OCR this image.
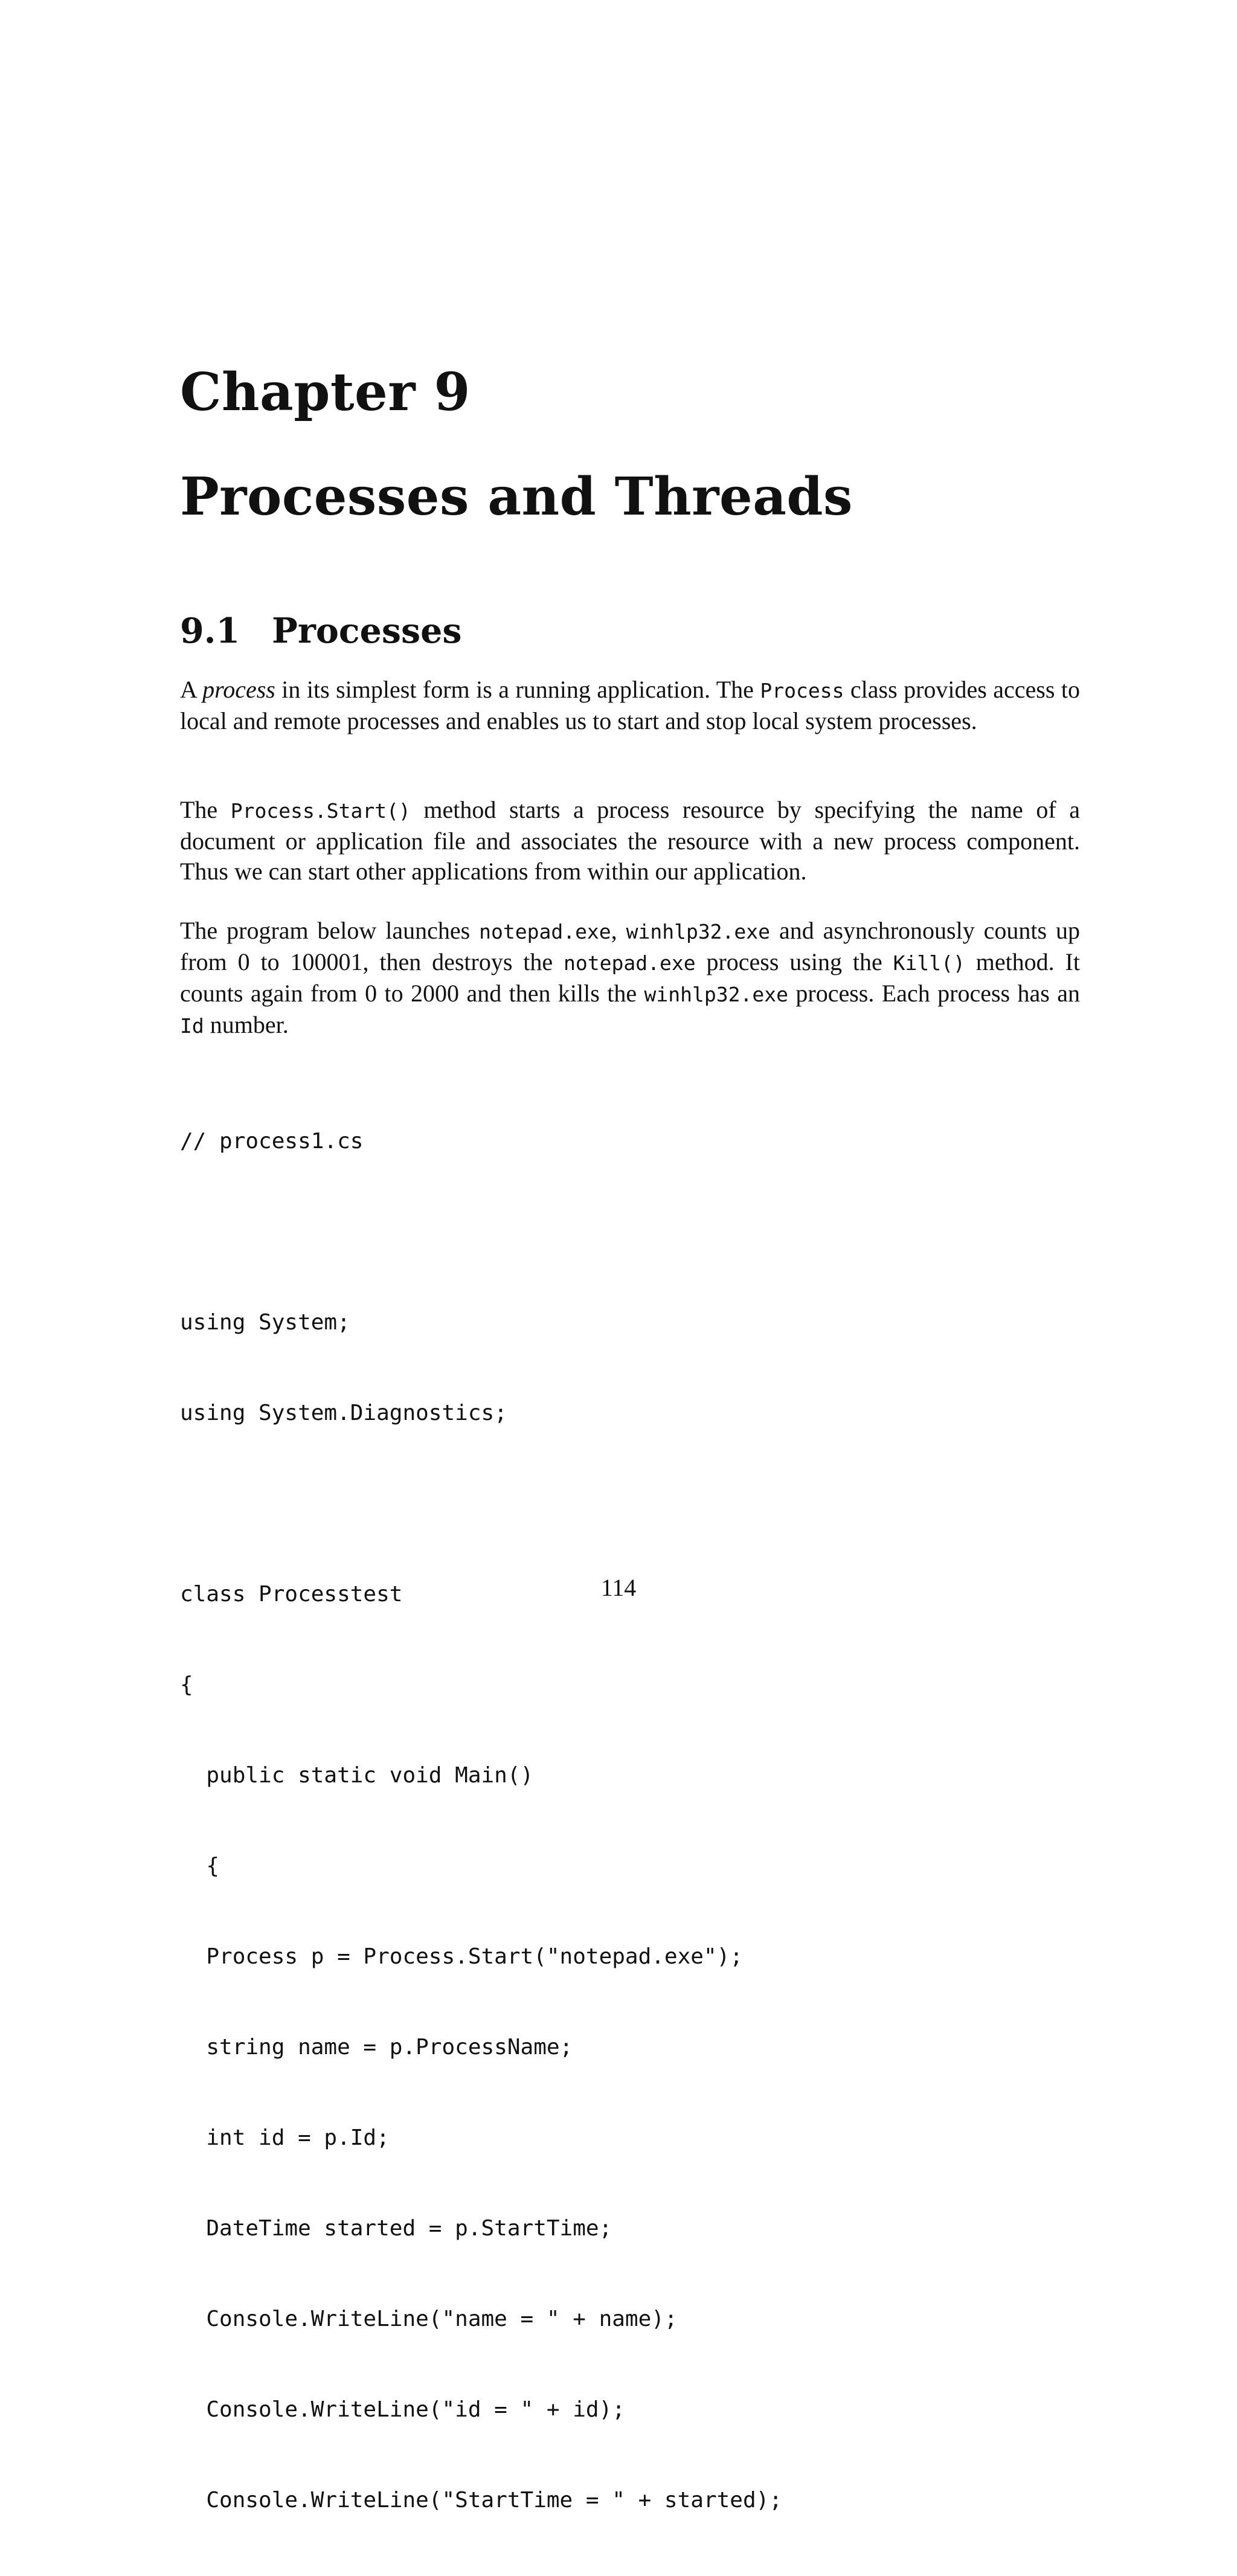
Chapter 9
Processes and Threads
9.1 Processes

A process in its simplest form is a running application. The Process class provides access to local and remote processes and enables us to start and stop local system processes.

The Process.Start() method starts a process resource by specifying the name of a document or application file and associates the resource with a new process component. Thus we can start other applications from within our application.

The program below launches notepad.exe, winhlp32.exe and asynchronously counts up from 0 to 100001, then destroys the notepad.exe process using the Kill() method. It counts again from 0 to 2000 and then kills the winhlp32.exe process. Each process has an Id number.

// process1.cs

using System;

using System.Diagnostics;

class Processtest

{

public static void Main()

{

Process p = Process.Start("notepad.exe");

string name = p.ProcessName;

int id = p.Id;

DateTime started = p.StartTime;

Console.WriteLine("name = " + name);

Console.WriteLine("id = " + id);

Console.WriteLine("StartTime = " + started);

114
